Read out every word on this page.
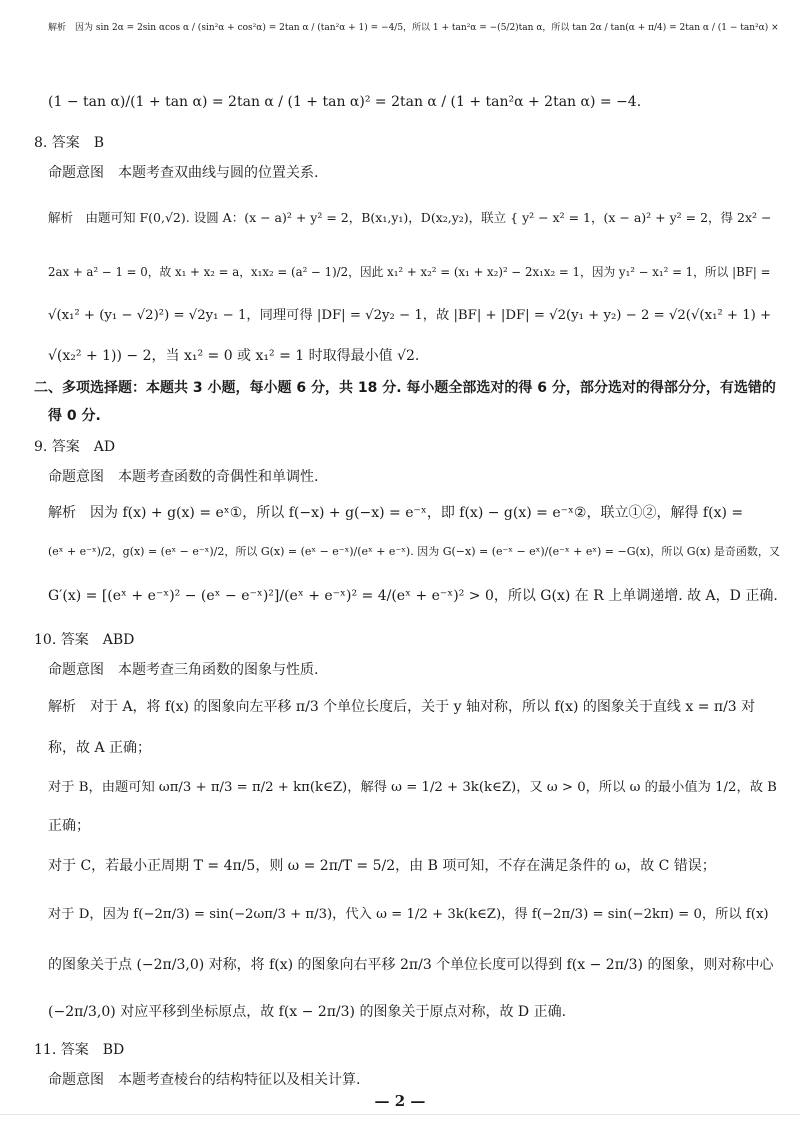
解析　因为 sin 2α = 2sin αcos α / (sin²α + cos²α) = 2tan α / (tan²α + 1) = −4/5，所以 1 + tan²α = −(5/2)tan α，所以 tan 2α / tan(α + π/4) = 2tan α / (1 − tan²α) ×
(1 − tan α)/(1 + tan α) = 2tan α / (1 + tan α)² = 2tan α / (1 + tan²α + 2tan α) = −4.
8. 答案　B
命题意图　本题考查双曲线与圆的位置关系.
解析　由题可知 F(0,√2). 设圆 A：(x − a)² + y² = 2，B(x₁,y₁)，D(x₂,y₂)，联立 { y² − x² = 1，(x − a)² + y² = 2，得 2x² −
2ax + a² − 1 = 0，故 x₁ + x₂ = a，x₁x₂ = (a² − 1)/2，因此 x₁² + x₂² = (x₁ + x₂)² − 2x₁x₂ = 1，因为 y₁² − x₁² = 1，所以 |BF| =
√(x₁² + (y₁ − √2)²) = √2y₁ − 1，同理可得 |DF| = √2y₂ − 1，故 |BF| + |DF| = √2(y₁ + y₂) − 2 = √2(√(x₁² + 1) +
√(x₂² + 1)) − 2，当 x₁² = 0 或 x₁² = 1 时取得最小值 √2.
二、多项选择题：本题共 3 小题，每小题 6 分，共 18 分. 每小题全部选对的得 6 分，部分选对的得部分分，有选错的
得 0 分.
9. 答案　AD
命题意图　本题考查函数的奇偶性和单调性.
解析　因为 f(x) + g(x) = eˣ①，所以 f(−x) + g(−x) = e⁻ˣ，即 f(x) − g(x) = e⁻ˣ②，联立①②，解得 f(x) =
(eˣ + e⁻ˣ)/2，g(x) = (eˣ − e⁻ˣ)/2，所以 G(x) = (eˣ − e⁻ˣ)/(eˣ + e⁻ˣ). 因为 G(−x) = (e⁻ˣ − eˣ)/(e⁻ˣ + eˣ) = −G(x)，所以 G(x) 是奇函数，又
G′(x) = [(eˣ + e⁻ˣ)² − (eˣ − e⁻ˣ)²]/(eˣ + e⁻ˣ)² = 4/(eˣ + e⁻ˣ)² > 0，所以 G(x) 在 R 上单调递增. 故 A，D 正确.
10. 答案　ABD
命题意图　本题考查三角函数的图象与性质.
解析　对于 A，将 f(x) 的图象向左平移 π/3 个单位长度后，关于 y 轴对称，所以 f(x) 的图象关于直线 x = π/3 对
称，故 A 正确；
对于 B，由题可知 ωπ/3 + π/3 = π/2 + kπ(k∈Z)，解得 ω = 1/2 + 3k(k∈Z)，又 ω > 0，所以 ω 的最小值为 1/2，故 B
正确；
对于 C，若最小正周期 T = 4π/5，则 ω = 2π/T = 5/2，由 B 项可知，不存在满足条件的 ω，故 C 错误；
对于 D，因为 f(−2π/3) = sin(−2ωπ/3 + π/3)，代入 ω = 1/2 + 3k(k∈Z)，得 f(−2π/3) = sin(−2kπ) = 0，所以 f(x)
的图象关于点 (−2π/3,0) 对称，将 f(x) 的图象向右平移 2π/3 个单位长度可以得到 f(x − 2π/3) 的图象，则对称中心
(−2π/3,0) 对应平移到坐标原点，故 f(x − 2π/3) 的图象关于原点对称，故 D 正确.
11. 答案　BD
命题意图　本题考查棱台的结构特征以及相关计算.
— 2 —
